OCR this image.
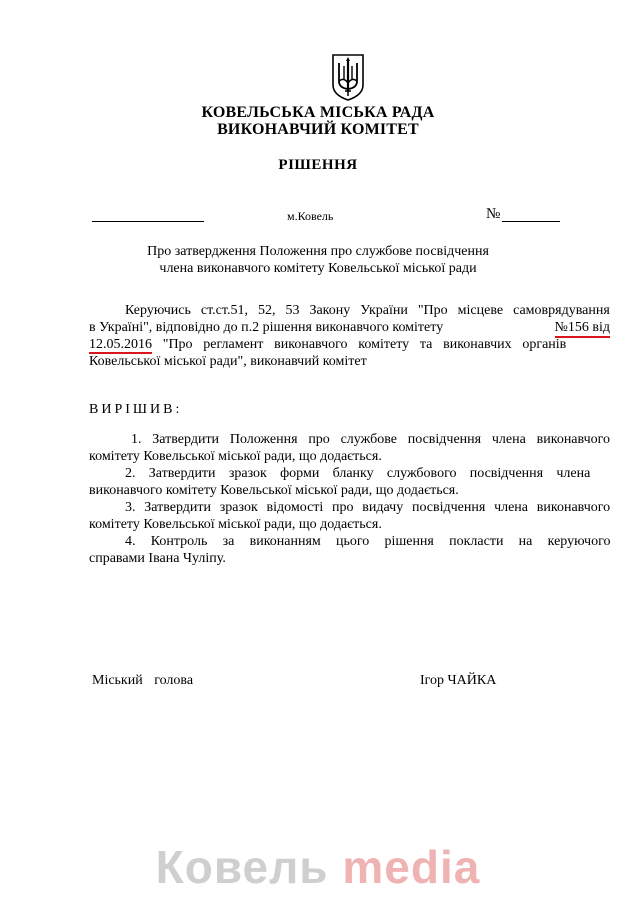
КОВЕЛЬСЬКА МІСЬКА РАДА
ВИКОНАВЧИЙ КОМІТЕТ
РІШЕННЯ
м.Ковель	№
Про затвердження Положення про службове посвідчення
члена виконавчого комітету Ковельської міської ради
Керуючись ст.ст.51, 52, 53 Закону України "Про місцеве самоврядування
в Україні", відповідно до п.2 рішення виконавчого комітету	№156 від
12.05.2016 "Про регламент виконавчого комітету та виконавчих органів
Ковельської міської ради", виконавчий комітет
ВИРІШИВ:
1. Затвердити Положення про службове посвідчення члена виконавчого
комітету Ковельської міської ради, що додається.
2. Затвердити зразок форми бланку службового посвідчення члена
виконавчого комітету Ковельської міської ради, що додається.
3. Затвердити зразок відомості про видачу посвідчення члена виконавчого
комітету Ковельської міської ради, що додається.
4. Контроль за виконанням цього рішення покласти на керуючого
справами Івана Чуліпу.
Міський голова	Ігор ЧАЙКА
Ковель media
